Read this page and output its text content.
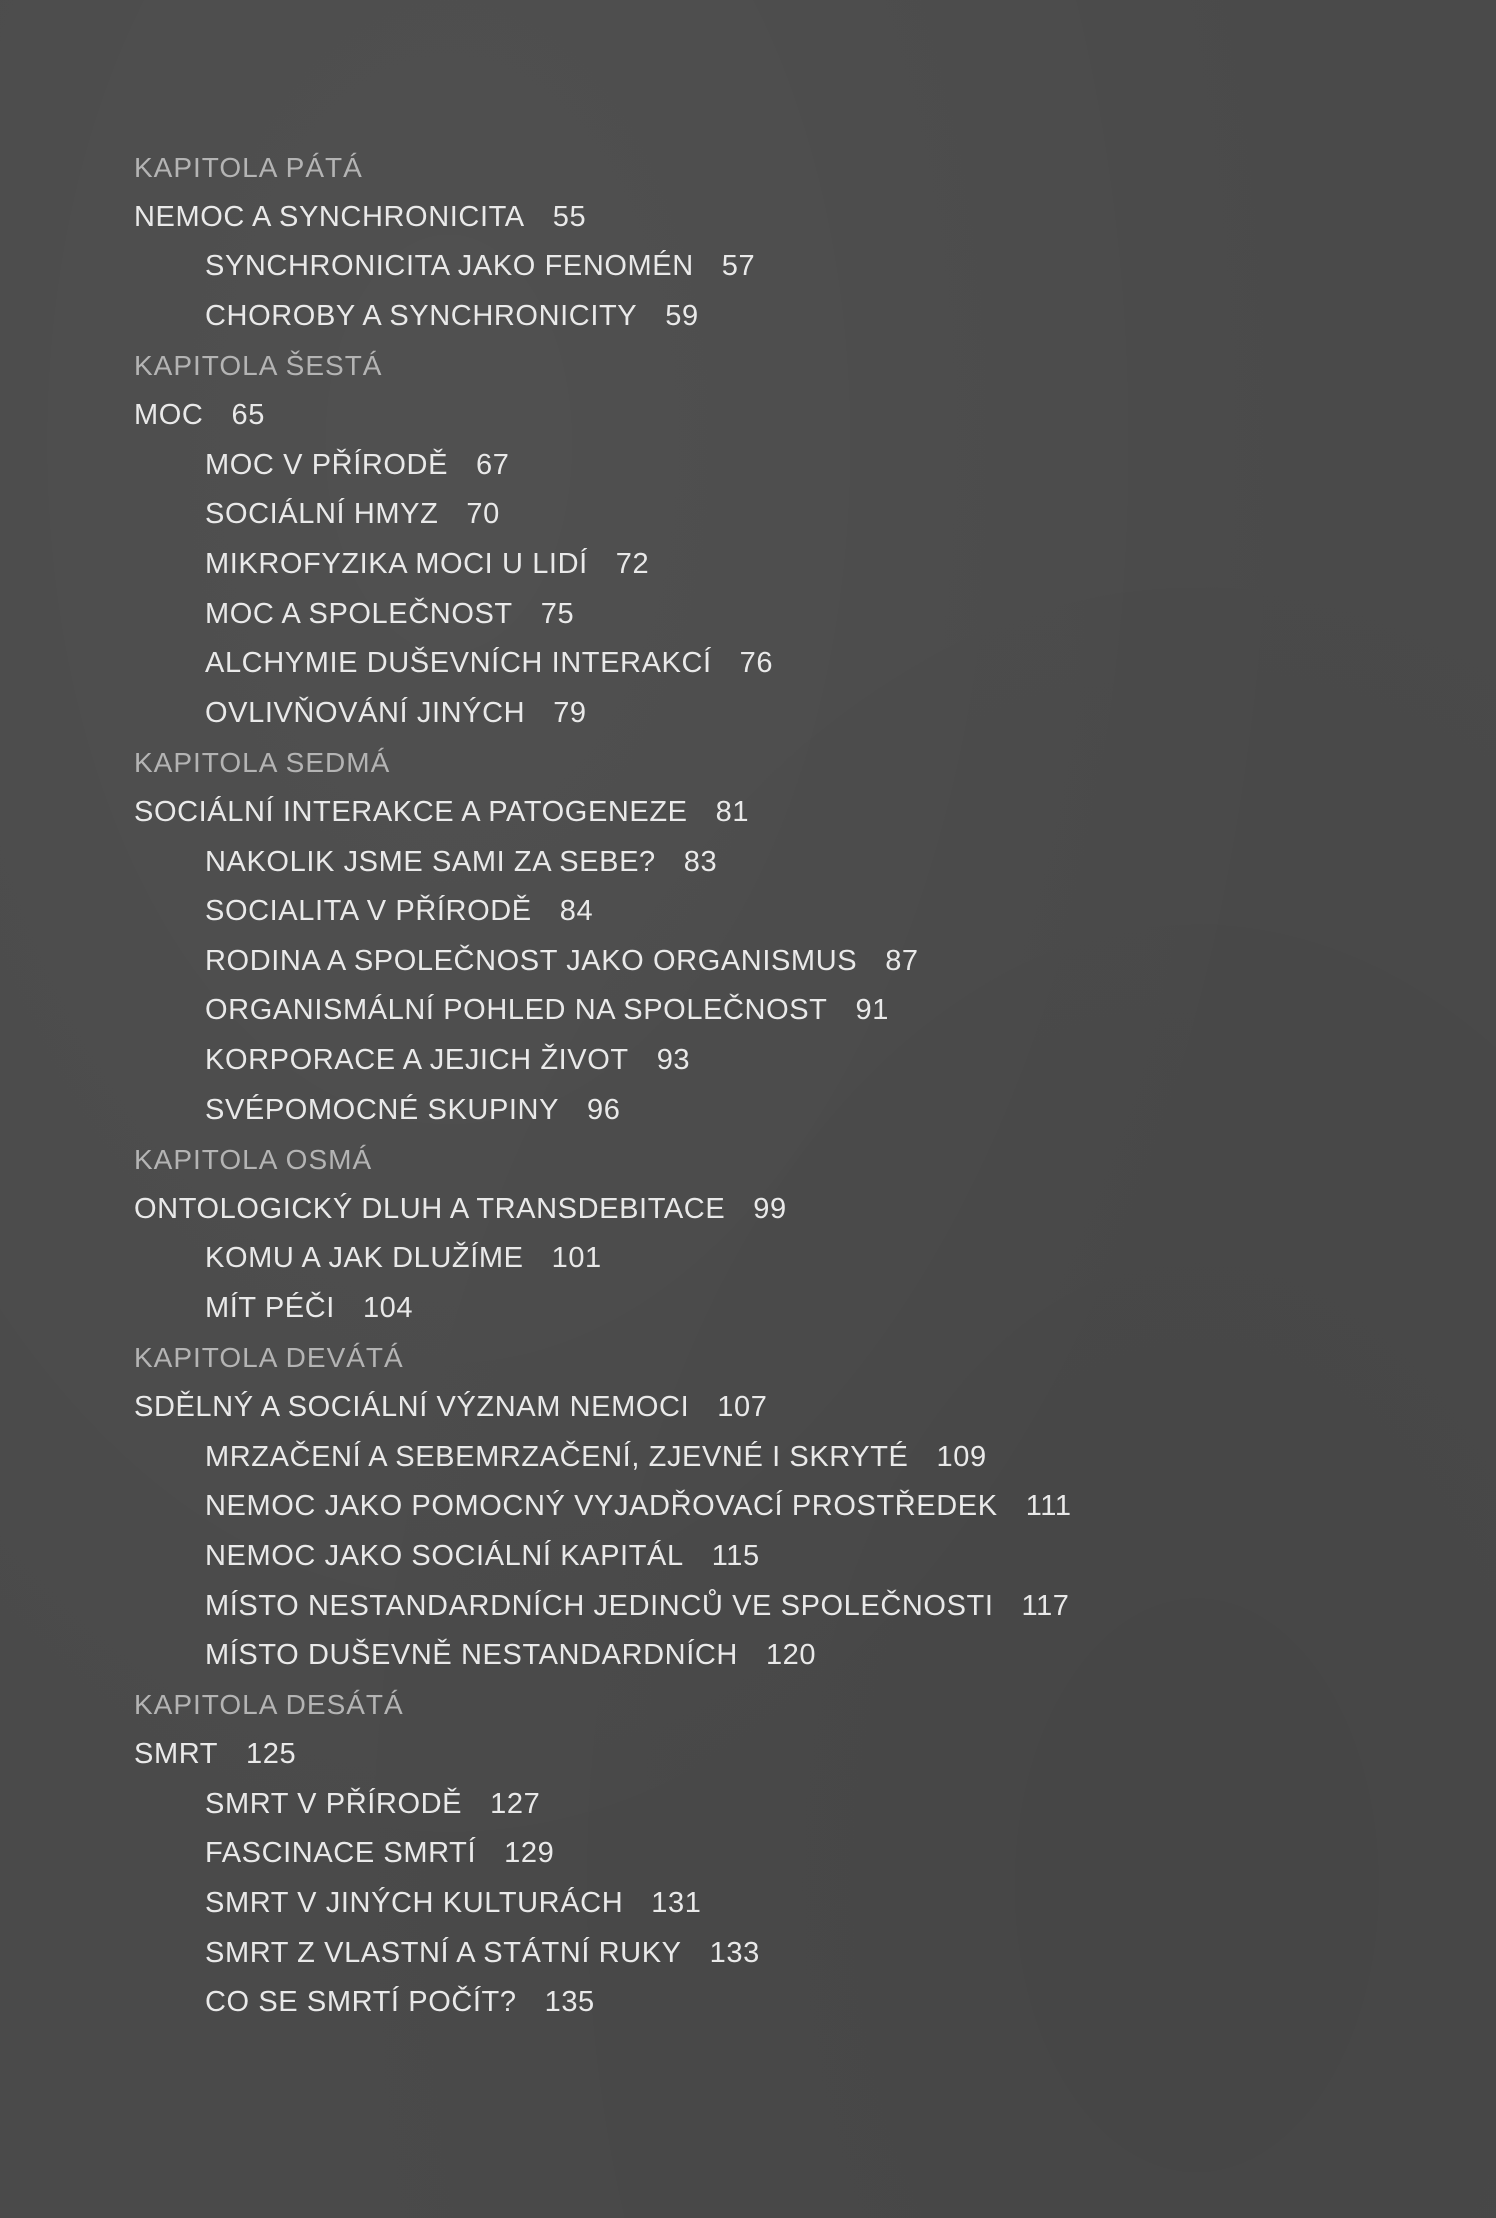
KAPITOLA PÁTÁ
NEMOC A SYNCHRONICITA 55
SYNCHRONICITA JAKO FENOMÉN 57
CHOROBY A SYNCHRONICITY 59
KAPITOLA ŠESTÁ
MOC 65
MOC V PŘÍRODĚ 67
SOCIÁLNÍ HMYZ 70
MIKROFYZIKA MOCI U LIDÍ 72
MOC A SPOLEČNOST 75
ALCHYMIE DUŠEVNÍCH INTERAKCÍ 76
OVLIVŇOVÁNÍ JINÝCH 79
KAPITOLA SEDMÁ
SOCIÁLNÍ INTERAKCE A PATOGENEZE 81
NAKOLIK JSME SAMI ZA SEBE? 83
SOCIALITA V PŘÍRODĚ 84
RODINA A SPOLEČNOST JAKO ORGANISMUS 87
ORGANISMÁLNÍ POHLED NA SPOLEČNOST 91
KORPORACE A JEJICH ŽIVOT 93
SVÉPOMOCNÉ SKUPINY 96
KAPITOLA OSMÁ
ONTOLOGICKÝ DLUH A TRANSDEBITACE 99
KOMU A JAK DLUŽÍME 101
MÍT PÉČI 104
KAPITOLA DEVÁTÁ
SDĚLNÝ A SOCIÁLNÍ VÝZNAM NEMOCI 107
MRZAČENÍ A SEBEMRZAČENÍ, ZJEVNÉ I SKRYTÉ 109
NEMOC JAKO POMOCNÝ VYJADŘOVACÍ PROSTŘEDEK 111
NEMOC JAKO SOCIÁLNÍ KAPITÁL 115
MÍSTO NESTANDARDNÍCH JEDINCŮ VE SPOLEČNOSTI 117
MÍSTO DUŠEVNĚ NESTANDARDNÍCH 120
KAPITOLA DESÁTÁ
SMRT 125
SMRT V PŘÍRODĚ 127
FASCINACE SMRTÍ 129
SMRT V JINÝCH KULTURÁCH 131
SMRT Z VLASTNÍ A STÁTNÍ RUKY 133
CO SE SMRTÍ POČÍT? 135
